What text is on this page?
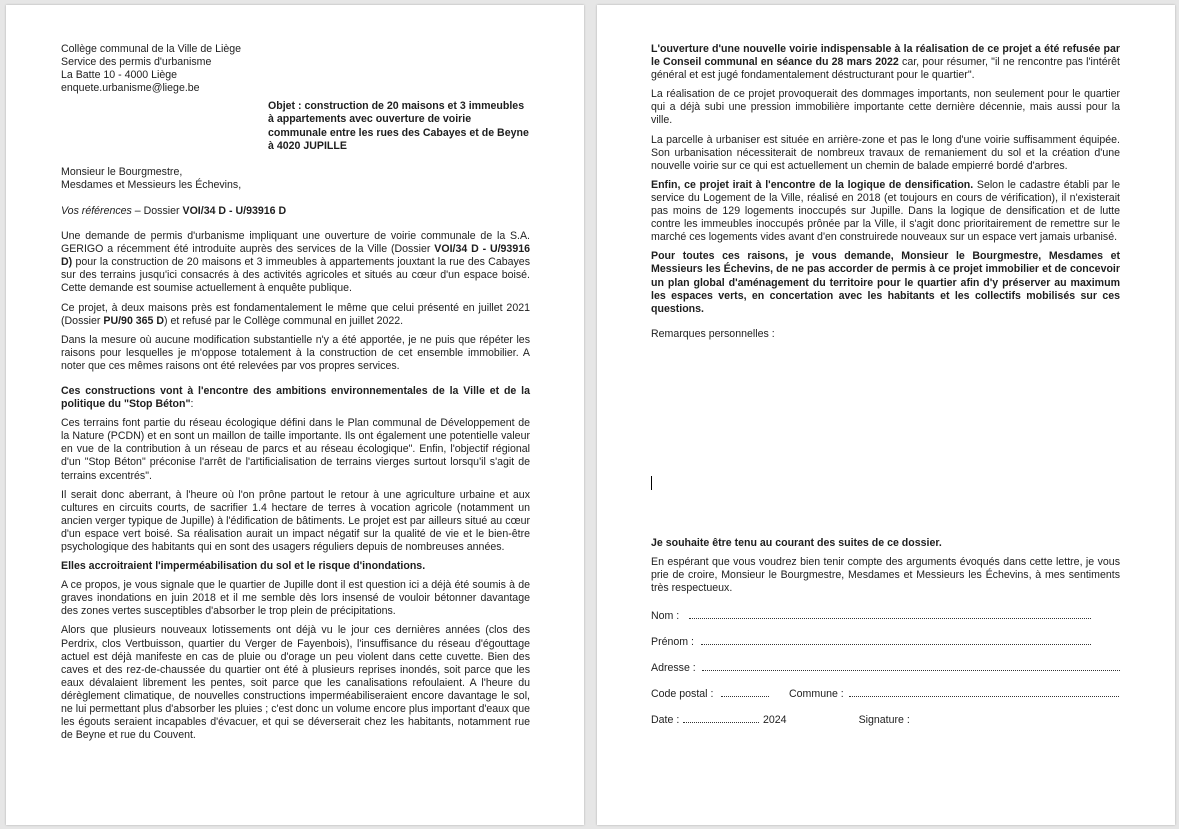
Collège communal de la Ville de Liège

Service des permis d'urbanisme

La Batte 10 - 4000 Liège

enquete.urbanisme@liege.be

Objet : construction de 20 maisons et 3 immeubles à appartements avec ouverture de voirie communale entre les rues des Cabayes et de Beyne à 4020 JUPILLE

Monsieur le Bourgmestre,

Mesdames et Messieurs les Échevins,

Vos références – Dossier VOI/34 D - U/93916 D

Une demande de permis d'urbanisme impliquant une ouverture de voirie communale de la S.A. GERIGO a récemment été introduite auprès des services de la Ville (Dossier VOI/34 D - U/93916 D) pour la construction de 20 maisons et 3 immeubles à appartements jouxtant la rue des Cabayes sur des terrains jusqu'ici consacrés à des activités agricoles et situés au cœur d'un espace boisé. Cette demande est soumise actuellement à enquête publique.

Ce projet, à deux maisons près est fondamentalement le même que celui présenté en juillet 2021 (Dossier PU/90 365 D) et refusé par le Collège communal en juillet 2022.

Dans la mesure où aucune modification substantielle n'y a été apportée, je ne puis que répéter les raisons pour lesquelles je m'oppose totalement à la construction de cet ensemble immobilier. A noter que ces mêmes raisons ont été relevées par vos propres services.

Ces constructions vont à l'encontre des ambitions environnementales de la Ville et de la politique du "Stop Béton":

Ces terrains font partie du réseau écologique défini dans le Plan communal de Développement de la Nature (PCDN) et en sont un maillon de taille importante. Ils ont également une potentielle valeur en vue de la contribution à un réseau de parcs et au réseau écologique". Enfin, l'objectif régional d'un "Stop Béton" préconise l'arrêt de l'artificialisation de terrains vierges surtout lorsqu'il s'agit de terrains excentrés".

Il serait donc aberrant, à l'heure où l'on prône partout le retour à une agriculture urbaine et aux cultures en circuits courts, de sacrifier 1.4 hectare de terres à vocation agricole (notamment un ancien verger typique de Jupille) à l'édification de bâtiments. Le projet est par ailleurs situé au cœur d'un espace vert boisé. Sa réalisation aurait un impact négatif sur la qualité de vie et le bien-être psychologique des habitants qui en sont des usagers réguliers depuis de nombreuses années.

Elles accroitraient l'imperméabilisation du sol et le risque d'inondations.

A ce propos, je vous signale que le quartier de Jupille dont il est question ici a déjà été soumis à de graves inondations en juin 2018 et il me semble dès lors insensé de vouloir bétonner davantage des zones vertes susceptibles d'absorber le trop plein de précipitations.

Alors que plusieurs nouveaux lotissements ont déjà vu le jour ces dernières années (clos des Perdrix, clos Vertbuisson, quartier du Verger de Fayenbois), l'insuffisance du réseau d'égouttage actuel est déjà manifeste en cas de pluie ou d'orage un peu violent dans cette cuvette. Bien des caves et des rez-de-chaussée du quartier ont été à plusieurs reprises inondés, soit parce que les eaux dévalaient librement les pentes, soit parce que les canalisations refoulaient. A l'heure du dérèglement climatique, de nouvelles constructions imperméabiliseraient encore davantage le sol, ne lui permettant plus d'absorber les pluies ; c'est donc un volume encore plus important d'eaux que les égouts seraient incapables d'évacuer, et qui se déverserait chez les habitants, notamment rue de Beyne et rue du Couvent.

L'ouverture d'une nouvelle voirie indispensable à la réalisation de ce projet a été refusée par le Conseil communal en séance du 28 mars 2022 car, pour résumer, "il ne rencontre pas l'intérêt général et est jugé fondamentalement déstructurant pour le quartier".

La réalisation de ce projet provoquerait des dommages importants, non seulement pour le quartier qui a déjà subi une pression immobilière importante cette dernière décennie, mais aussi pour la ville.

La parcelle à urbaniser est située en arrière-zone et pas le long d'une voirie suffisamment équipée. Son urbanisation nécessiterait de nombreux travaux de remaniement du sol et la création d'une nouvelle voirie sur ce qui est actuellement un chemin de balade empierré bordé d'arbres.

Enfin, ce projet irait à l'encontre de la logique de densification. Selon le cadastre établi par le service du Logement de la Ville, réalisé en 2018 (et toujours en cours de vérification), il n'existerait pas moins de 129 logements inoccupés sur Jupille. Dans la logique de densification et de lutte contre les immeubles inoccupés prônée par la Ville, il s'agit donc prioritairement de remettre sur le marché ces logements vides avant d'en construirede nouveaux sur un espace vert jamais urbanisé.

Pour toutes ces raisons, je vous demande, Monsieur le Bourgmestre, Mesdames et Messieurs les Échevins, de ne pas accorder de permis à ce projet immobilier et de concevoir un plan global d'aménagement du territoire pour le quartier afin d'y préserver au maximum les espaces verts, en concertation avec les habitants et les collectifs mobilisés sur ces questions.

Remarques personnelles :

Je souhaite être tenu au courant des suites de ce dossier.

En espérant que vous voudrez bien tenir compte des arguments évoqués dans cette lettre, je vous prie de croire, Monsieur le Bourgmestre, Mesdames et Messieurs les Échevins, à mes sentiments très respectueux.

Nom :
Prénom :
Adresse :
Code postal :	Commune :
Date :	2024	Signature :
